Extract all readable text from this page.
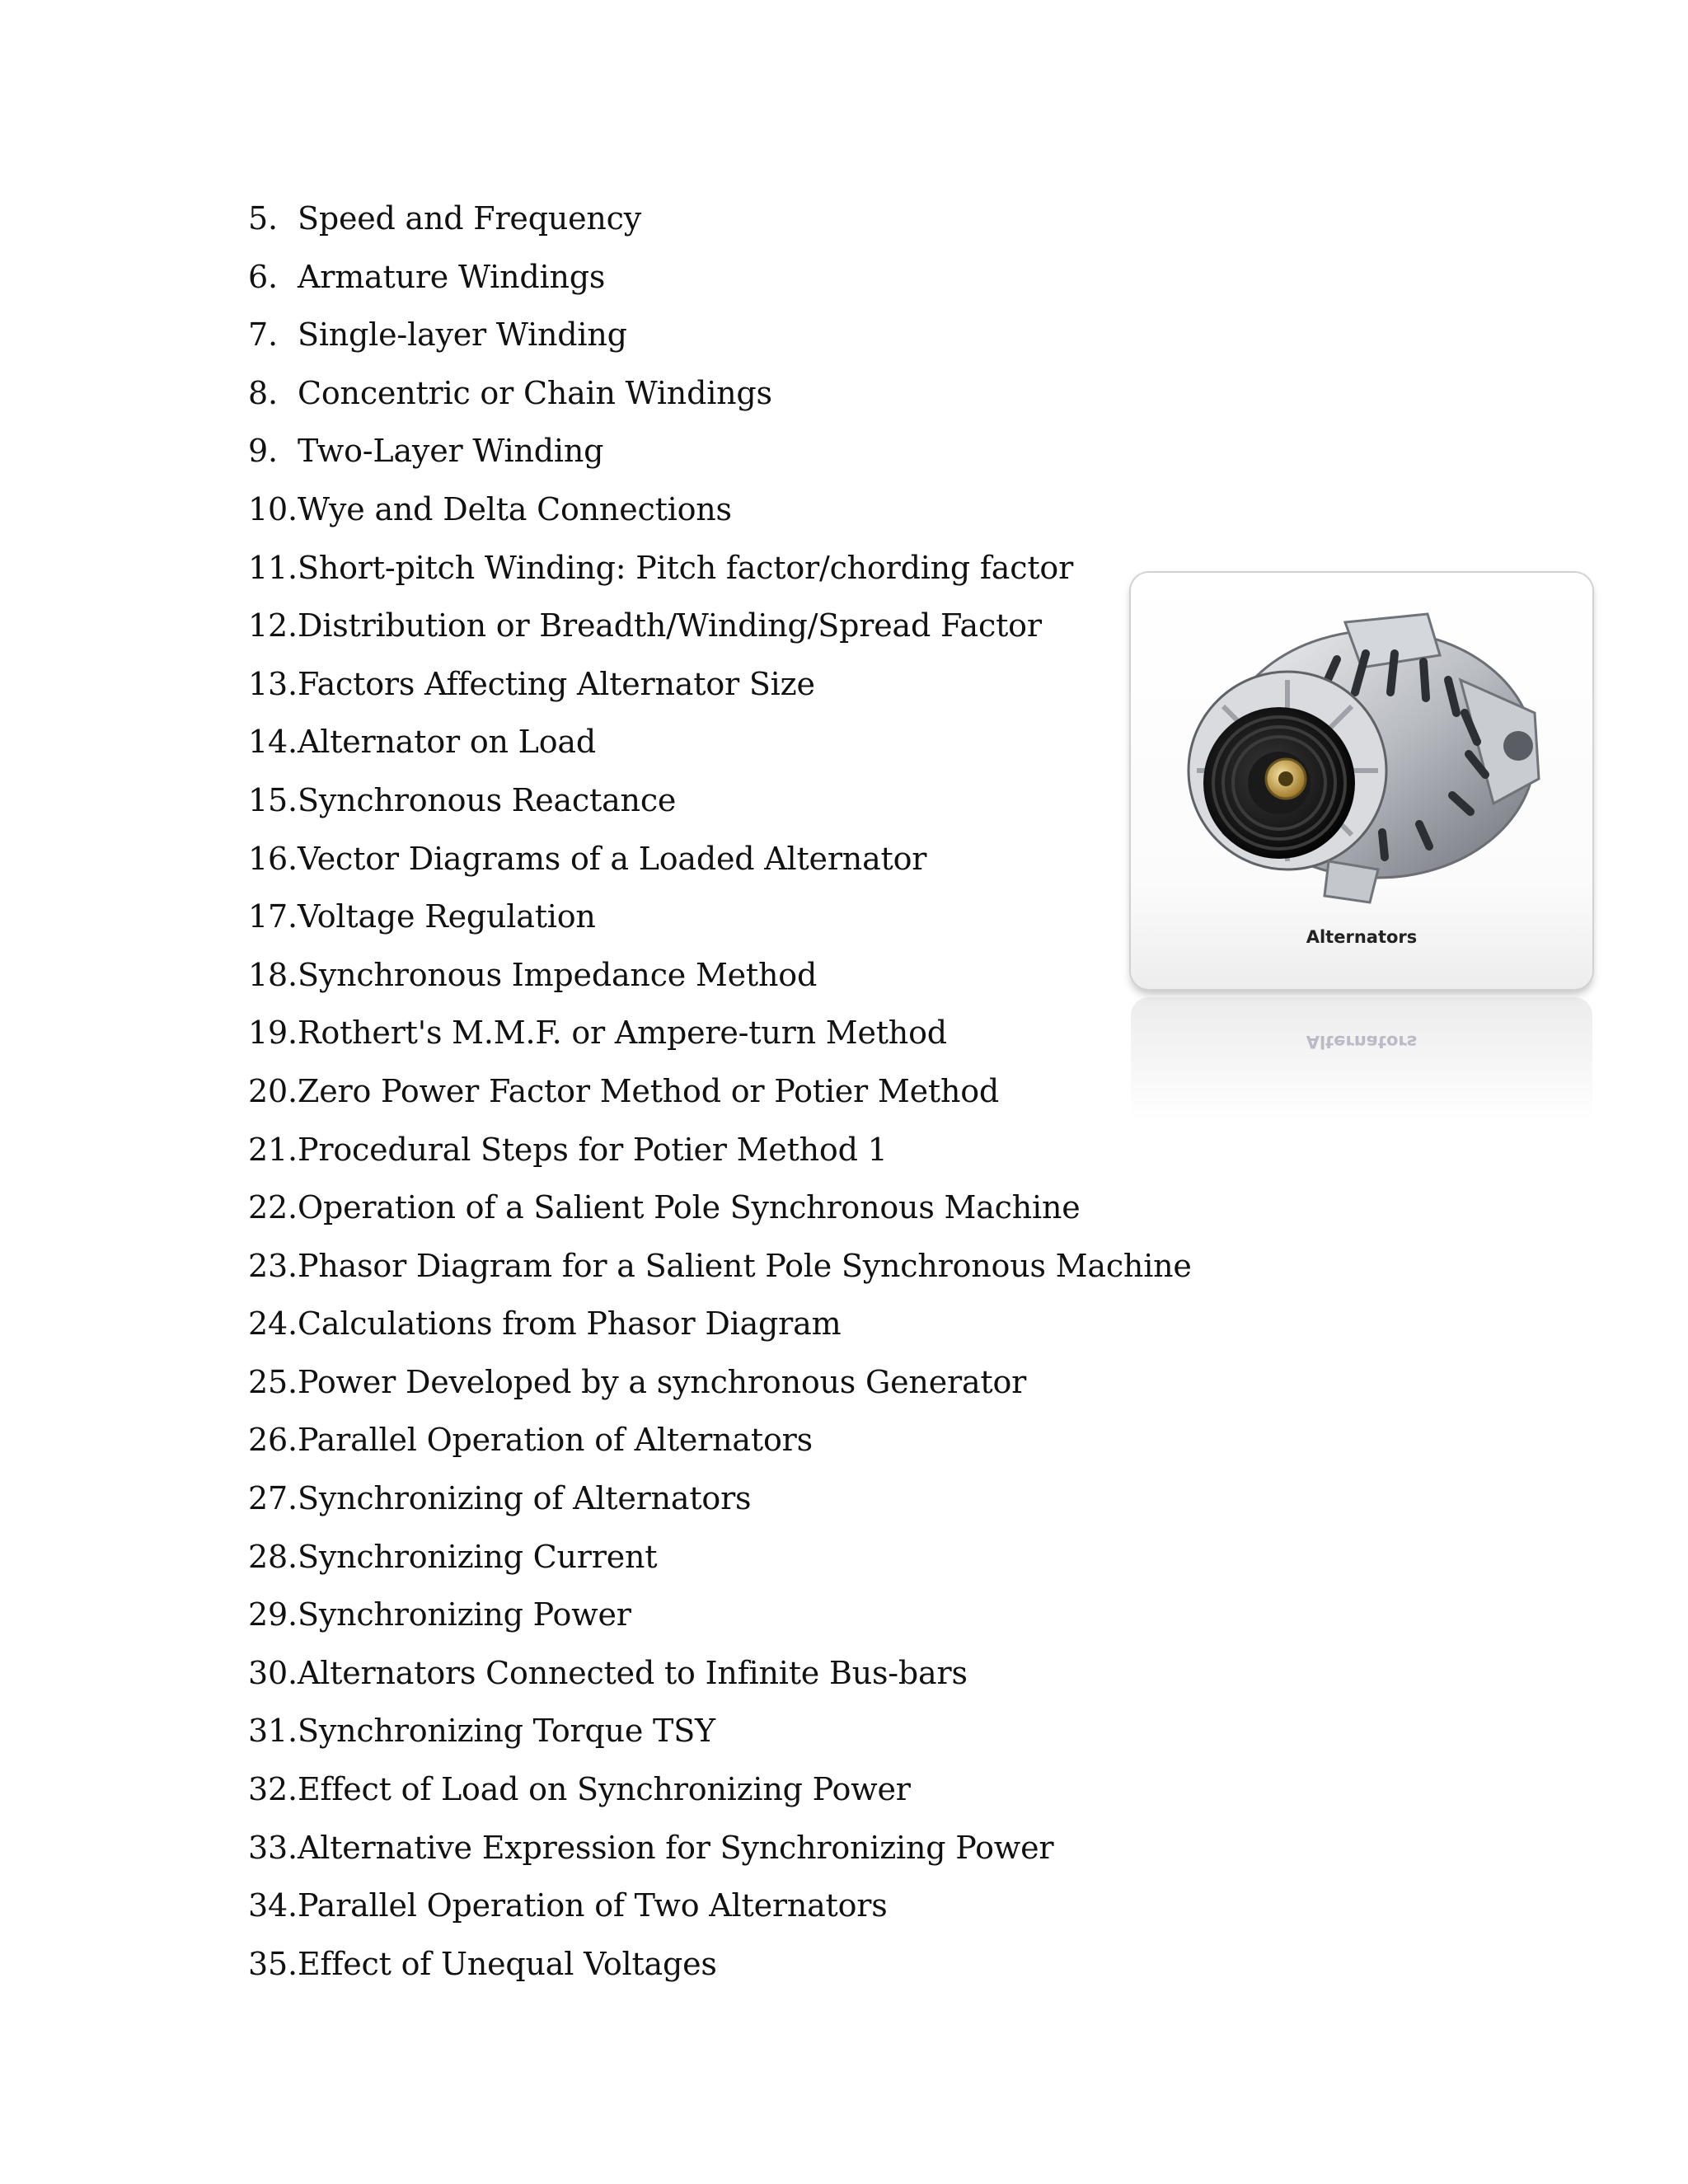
5. Speed and Frequency
6. Armature Windings
7. Single-layer Winding
8. Concentric or Chain Windings
9. Two-Layer Winding
10. Wye and Delta Connections
11. Short-pitch Winding: Pitch factor/chording factor
12. Distribution or Breadth/Winding/Spread Factor
13. Factors Affecting Alternator Size
14. Alternator on Load
15. Synchronous Reactance
16. Vector Diagrams of a Loaded Alternator
17. Voltage Regulation
18. Synchronous Impedance Method
19. Rothert's M.M.F. or Ampere-turn Method
20. Zero Power Factor Method or Potier Method
21. Procedural Steps for Potier Method 1
22. Operation of a Salient Pole Synchronous Machine
23. Phasor Diagram for a Salient Pole Synchronous Machine
24. Calculations from Phasor Diagram
25. Power Developed by a synchronous Generator
26. Parallel Operation of Alternators
27. Synchronizing of Alternators
28. Synchronizing Current
29. Synchronizing Power
30. Alternators Connected to Infinite Bus-bars
31. Synchronizing Torque TSY
32. Effect of Load on Synchronizing Power
33. Alternative Expression for Synchronizing Power
34. Parallel Operation of Two Alternators
35. Effect of Unequal Voltages
Alternators
Alternators
